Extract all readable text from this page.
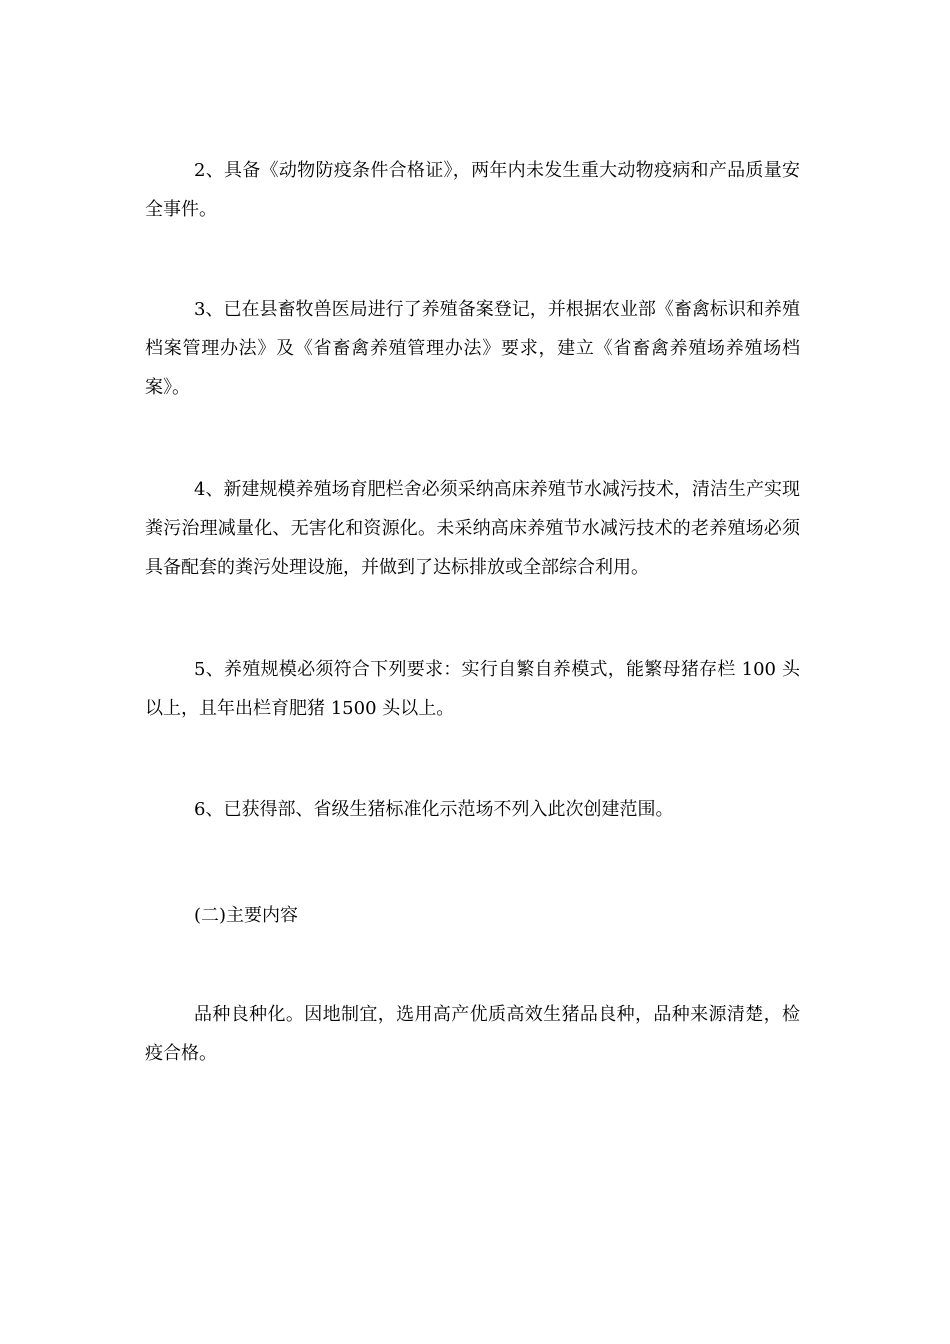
2、具备《动物防疫条件合格证》，两年内未发生重大动物疫病和产品质量安全事件。

3、已在县畜牧兽医局进行了养殖备案登记，并根据农业部《畜禽标识和养殖档案管理办法》及《省畜禽养殖管理办法》要求，建立《省畜禽养殖场养殖场档案》。

4、新建规模养殖场育肥栏舍必须采纳高床养殖节水减污技术，清洁生产实现粪污治理减量化、无害化和资源化。未采纳高床养殖节水减污技术的老养殖场必须具备配套的粪污处理设施，并做到了达标排放或全部综合利用。

5、养殖规模必须符合下列要求：实行自繁自养模式，能繁母猪存栏 100 头以上，且年出栏育肥猪 1500 头以上。

6、已获得部、省级生猪标准化示范场不列入此次创建范围。

(二)主要内容

品种良种化。因地制宜，选用高产优质高效生猪品良种，品种来源清楚，检疫合格。
